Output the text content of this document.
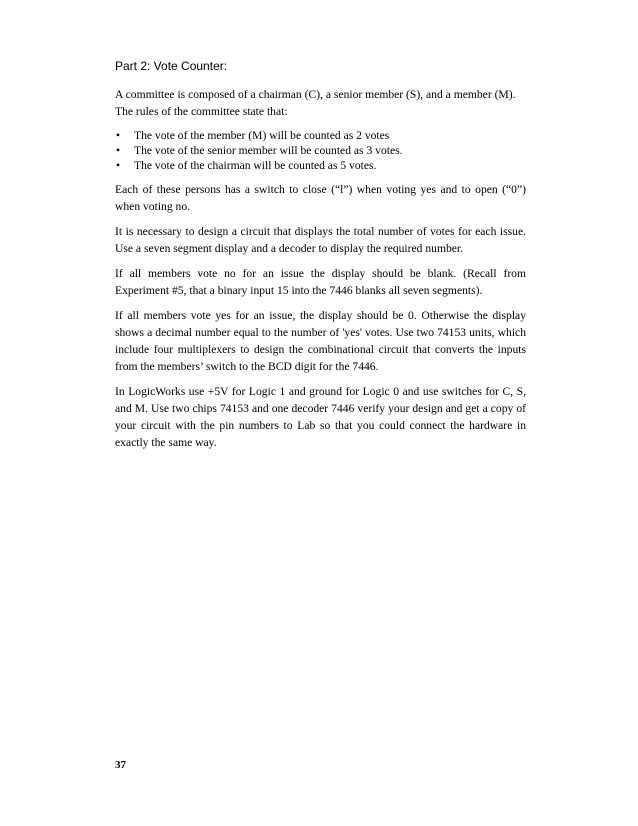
Part 2: Vote Counter:

A committee is composed of a chairman (C), a senior member (S), and a member (M). The rules of the committee state that:

• The vote of the member (M) will be counted as 2 votes
• The vote of the senior member will be counted as 3 votes.
• The vote of the chairman will be counted as 5 votes.

Each of these persons has a switch to close (“l”) when voting yes and to open (“0”) when voting no.

It is necessary to design a circuit that displays the total number of votes for each issue. Use a seven segment display and a decoder to display the required number.

If all members vote no for an issue the display should be blank. (Recall from Experiment #5, that a binary input 15 into the 7446 blanks all seven segments).

If all members vote yes for an issue, the display should be 0. Otherwise the display shows a decimal number equal to the number of 'yes' votes. Use two 74153 units, which include four multiplexers to design the combinational circuit that converts the inputs from the members’ switch to the BCD digit for the 7446.

In LogicWorks use +5V for Logic 1 and ground for Logic 0 and use switches for C, S, and M. Use two chips 74153 and one decoder 7446 verify your design and get a copy of your circuit with the pin numbers to Lab so that you could connect the hardware in exactly the same way.

37
